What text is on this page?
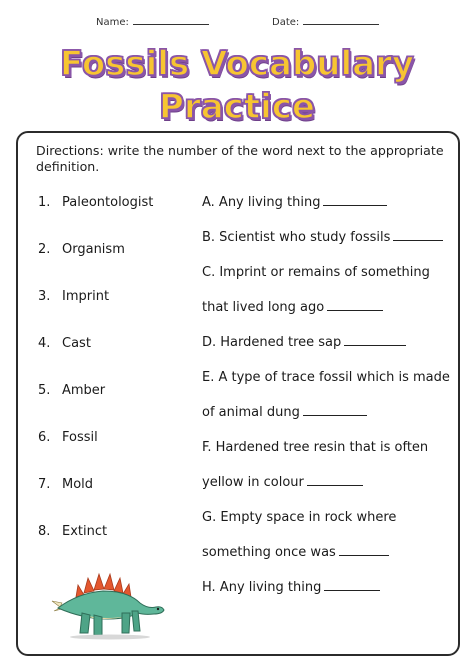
Name:	Date:
Fossils Vocabulary
Practice
Directions: write the number of the word next to the appropriate definition.
1. Paleontologist
2. Organism
3. Imprint
4. Cast
5. Amber
6. Fossil
7. Mold
8. Extinct
A. Any living thing
B. Scientist who study fossils
C. Imprint or remains of something
that lived long ago
D. Hardened tree sap
E. A type of trace fossil which is made
of animal dung
F. Hardened tree resin that is often
yellow in colour
G. Empty space in rock where
something once was
H. Any living thing
